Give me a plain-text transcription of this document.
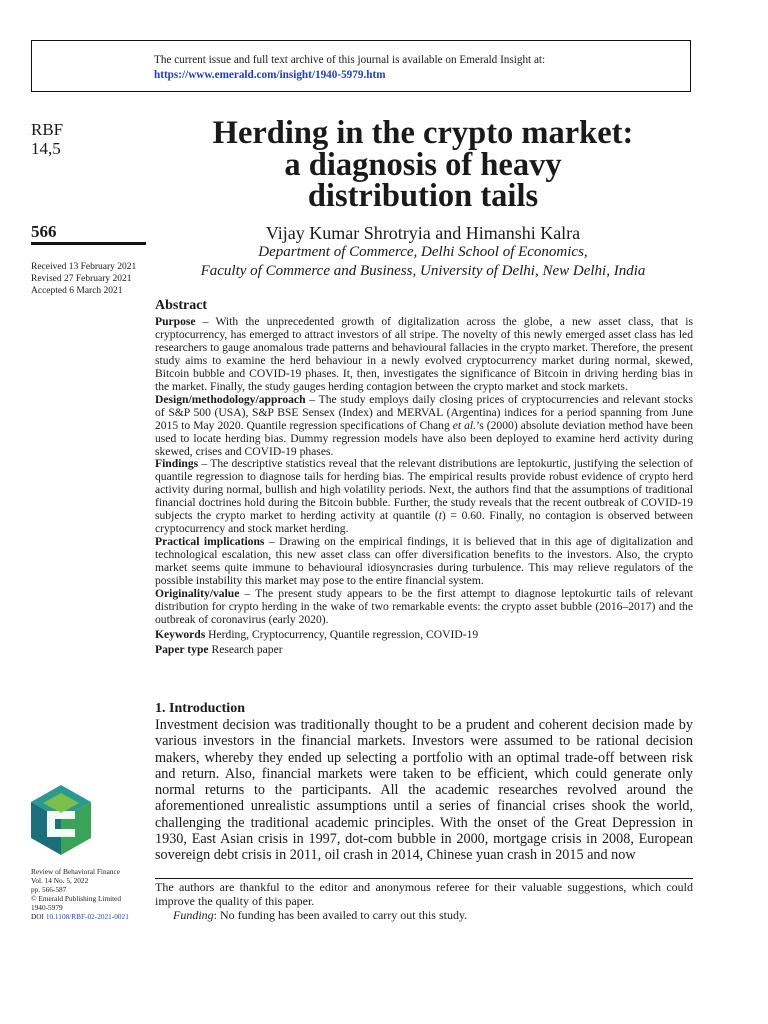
The current issue and full text archive of this journal is available on Emerald Insight at:
https://www.emerald.com/insight/1940-5979.htm
RBF
14,5
566
Received 13 February 2021
Revised 27 February 2021
Accepted 6 March 2021
Review of Behavioral Finance
Vol. 14 No. 5, 2022
pp. 566-587
© Emerald Publishing Limited
1940-5979
DOI 10.1108/RBF-02-2021-0021
Herding in the crypto market:
a diagnosis of heavy
distribution tails
Vijay Kumar Shrotryia and Himanshi Kalra
Department of Commerce, Delhi School of Economics,
Faculty of Commerce and Business, University of Delhi, New Delhi, India
Abstract

Purpose – With the unprecedented growth of digitalization across the globe, a new asset class, that is cryptocurrency, has emerged to attract investors of all stripe. The novelty of this newly emerged asset class has led researchers to gauge anomalous trade patterns and behavioural fallacies in the crypto market. Therefore, the present study aims to examine the herd behaviour in a newly evolved cryptocurrency market during normal, skewed, Bitcoin bubble and COVID-19 phases. It, then, investigates the significance of Bitcoin in driving herding bias in the market. Finally, the study gauges herding contagion between the crypto market and stock markets.

Design/methodology/approach – The study employs daily closing prices of cryptocurrencies and relevant stocks of S&P 500 (USA), S&P BSE Sensex (Index) and MERVAL (Argentina) indices for a period spanning from June 2015 to May 2020. Quantile regression specifications of Chang et al.’s (2000) absolute deviation method have been used to locate herding bias. Dummy regression models have also been deployed to examine herd activity during skewed, crises and COVID-19 phases.

Findings – The descriptive statistics reveal that the relevant distributions are leptokurtic, justifying the selection of quantile regression to diagnose tails for herding bias. The empirical results provide robust evidence of crypto herd activity during normal, bullish and high volatility periods. Next, the authors find that the assumptions of traditional financial doctrines hold during the Bitcoin bubble. Further, the study reveals that the recent outbreak of COVID-19 subjects the crypto market to herding activity at quantile (t) = 0.60. Finally, no contagion is observed between cryptocurrency and stock market herding.

Practical implications – Drawing on the empirical findings, it is believed that in this age of digitalization and technological escalation, this new asset class can offer diversification benefits to the investors. Also, the crypto market seems quite immune to behavioural idiosyncrasies during turbulence. This may relieve regulators of the possible instability this market may pose to the entire financial system.

Originality/value – The present study appears to be the first attempt to diagnose leptokurtic tails of relevant distribution for crypto herding in the wake of two remarkable events: the crypto asset bubble (2016–2017) and the outbreak of coronavirus (early 2020).

Keywords Herding, Cryptocurrency, Quantile regression, COVID-19

Paper type Research paper

1. Introduction

Investment decision was traditionally thought to be a prudent and coherent decision made by various investors in the financial markets. Investors were assumed to be rational decision makers, whereby they ended up selecting a portfolio with an optimal trade-off between risk and return. Also, financial markets were taken to be efficient, which could generate only normal returns to the participants. All the academic researches revolved around the aforementioned unrealistic assumptions until a series of financial crises shook the world, challenging the traditional academic principles. With the onset of the Great Depression in 1930, East Asian crisis in 1997, dot-com bubble in 2000, mortgage crisis in 2008, European sovereign debt crisis in 2011, oil crash in 2014, Chinese yuan crash in 2015 and now

The authors are thankful to the editor and anonymous referee for their valuable suggestions, which could improve the quality of this paper.

Funding: No funding has been availed to carry out this study.
